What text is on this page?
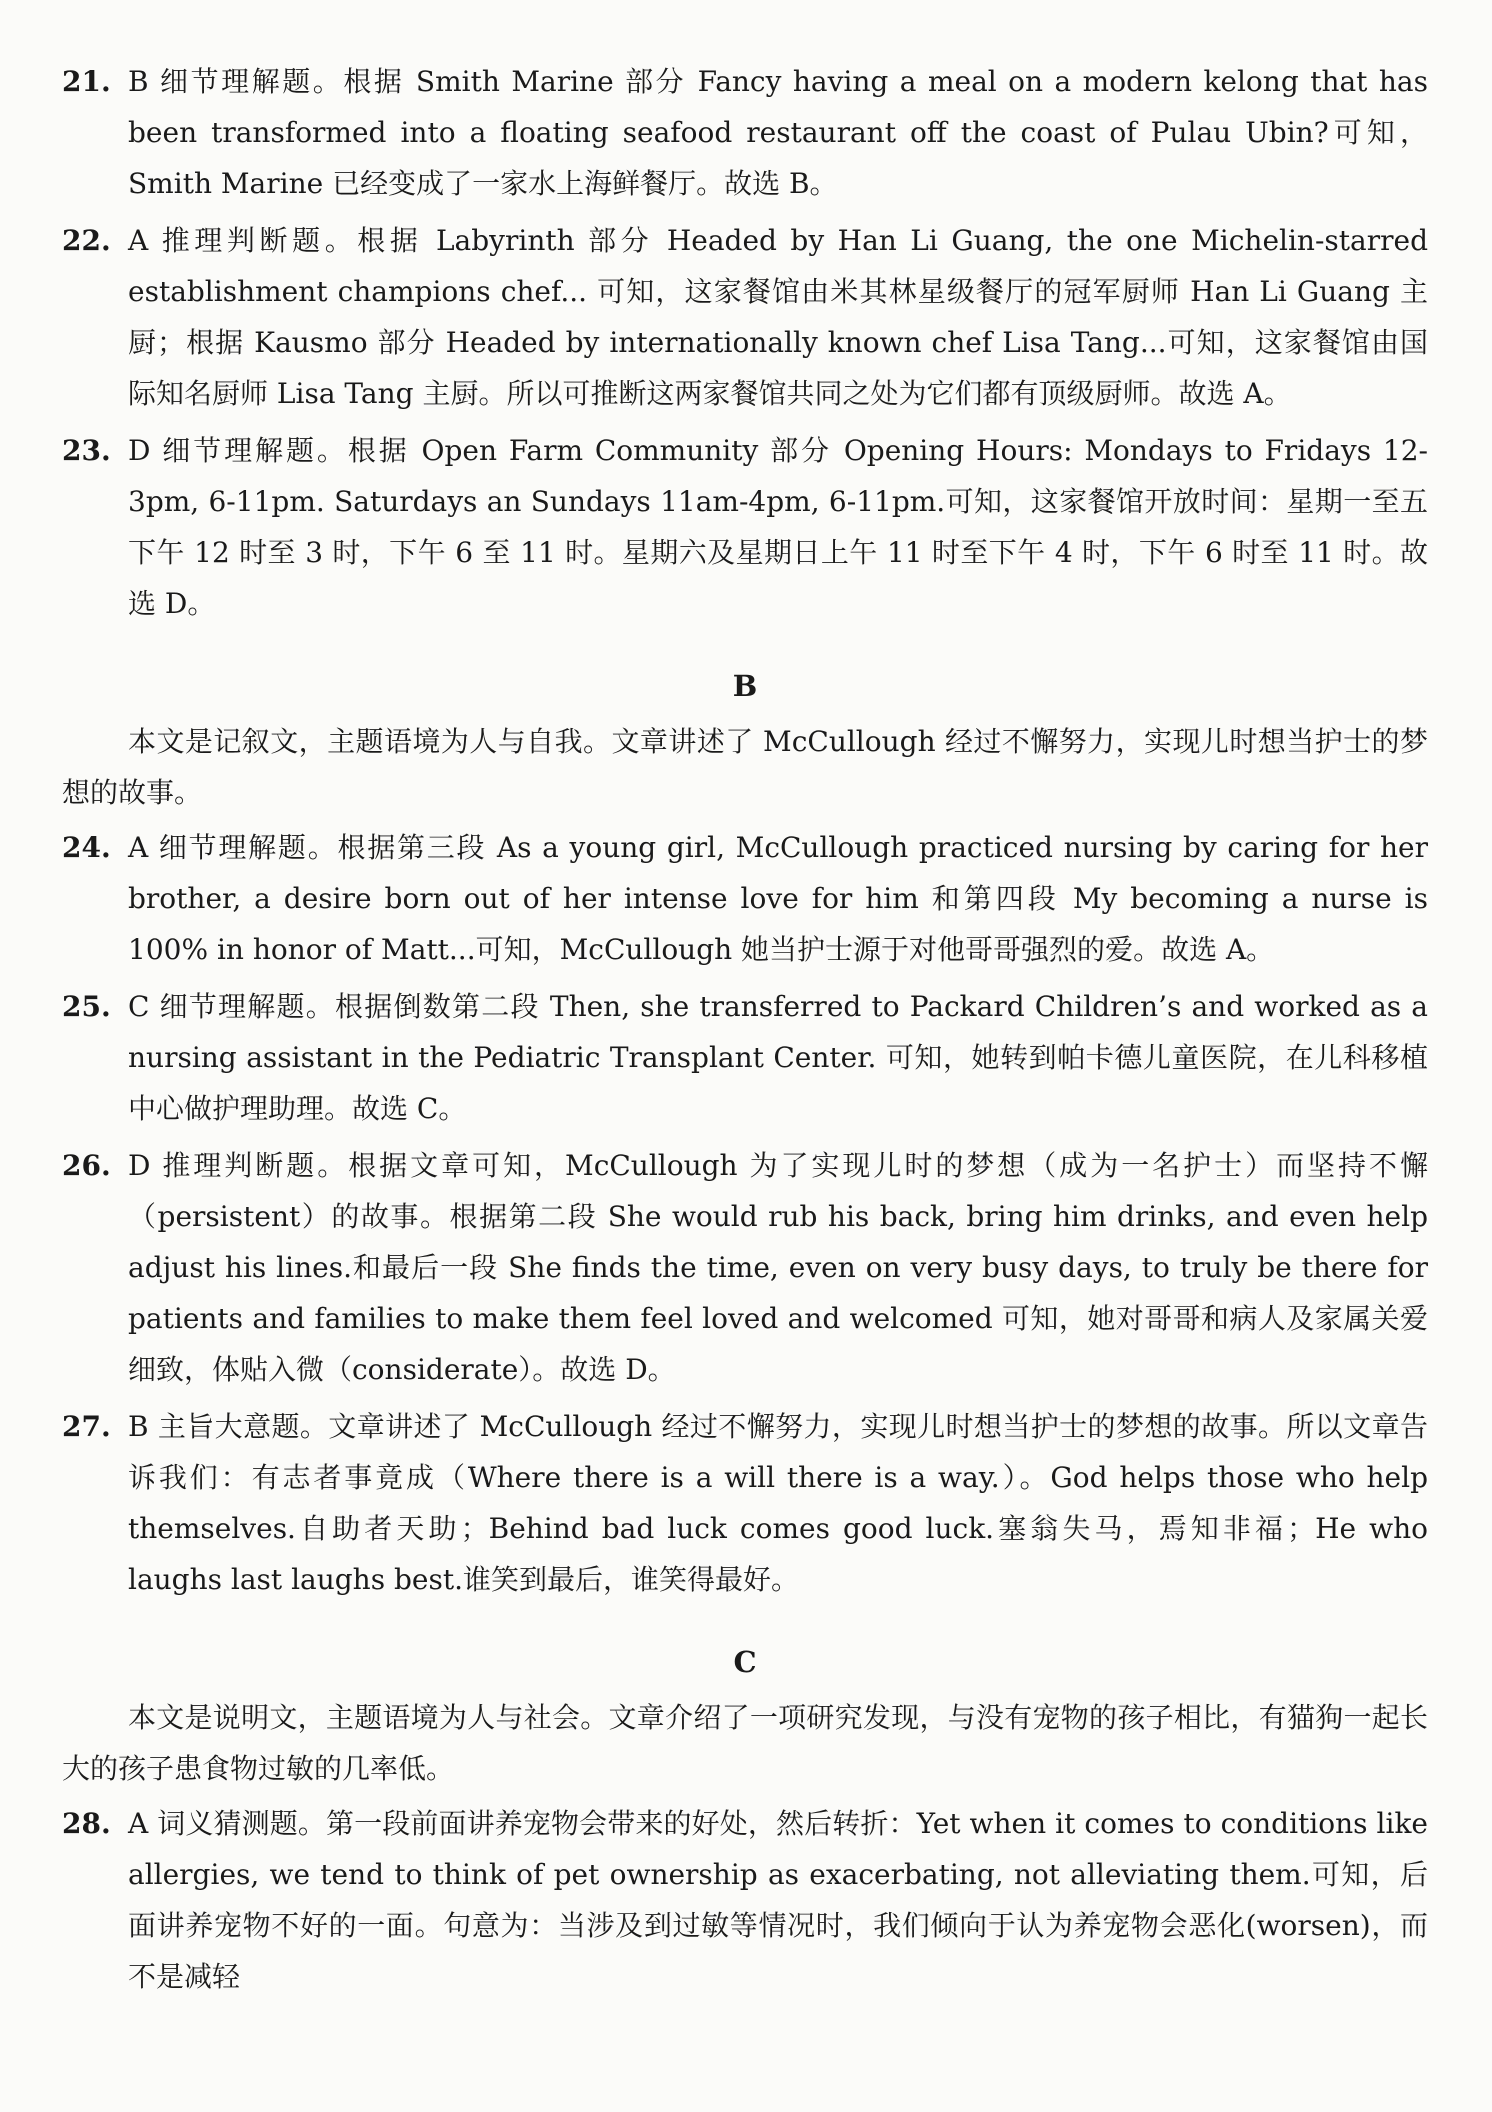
21. B 细节理解题。根据 Smith Marine 部分 Fancy having a meal on a modern kelong that has been transformed into a floating seafood restaurant off the coast of Pulau Ubin?可知，Smith Marine 已经变成了一家水上海鲜餐厅。故选 B。
22. A 推理判断题。根据 Labyrinth 部分 Headed by Han Li Guang, the one Michelin-starred establishment champions chef... 可知，这家餐馆由米其林星级餐厅的冠军厨师 Han Li Guang 主厨；根据 Kausmo 部分 Headed by internationally known chef Lisa Tang...可知，这家餐馆由国际知名厨师 Lisa Tang 主厨。所以可推断这两家餐馆共同之处为它们都有顶级厨师。故选 A。
23. D 细节理解题。根据 Open Farm Community 部分 Opening Hours: Mondays to Fridays 12-3pm, 6-11pm. Saturdays an Sundays 11am-4pm, 6-11pm.可知，这家餐馆开放时间：星期一至五下午 12 时至 3 时，下午 6 至 11 时。星期六及星期日上午 11 时至下午 4 时，下午 6 时至 11 时。故选 D。
B
本文是记叙文，主题语境为人与自我。文章讲述了 McCullough 经过不懈努力，实现儿时想当护士的梦想的故事。
24. A 细节理解题。根据第三段 As a young girl, McCullough practiced nursing by caring for her brother, a desire born out of her intense love for him 和第四段 My becoming a nurse is 100% in honor of Matt...可知，McCullough 她当护士源于对他哥哥强烈的爱。故选 A。
25. C 细节理解题。根据倒数第二段 Then, she transferred to Packard Children’s and worked as a nursing assistant in the Pediatric Transplant Center. 可知，她转到帕卡德儿童医院，在儿科移植中心做护理助理。故选 C。
26. D 推理判断题。根据文章可知，McCullough 为了实现儿时的梦想（成为一名护士）而坚持不懈（persistent）的故事。根据第二段 She would rub his back, bring him drinks, and even help adjust his lines.和最后一段 She finds the time, even on very busy days, to truly be there for patients and families to make them feel loved and welcomed 可知，她对哥哥和病人及家属关爱细致，体贴入微（considerate）。故选 D。
27. B 主旨大意题。文章讲述了 McCullough 经过不懈努力，实现儿时想当护士的梦想的故事。所以文章告诉我们：有志者事竟成（Where there is a will there is a way.）。God helps those who help themselves.自助者天助；Behind bad luck comes good luck.塞翁失马，焉知非福；He who laughs last laughs best.谁笑到最后，谁笑得最好。
C
本文是说明文，主题语境为人与社会。文章介绍了一项研究发现，与没有宠物的孩子相比，有猫狗一起长大的孩子患食物过敏的几率低。
28. A 词义猜测题。第一段前面讲养宠物会带来的好处，然后转折：Yet when it comes to conditions like allergies, we tend to think of pet ownership as exacerbating, not alleviating them.可知，后面讲养宠物不好的一面。句意为：当涉及到过敏等情况时，我们倾向于认为养宠物会恶化(worsen)，而不是减轻
